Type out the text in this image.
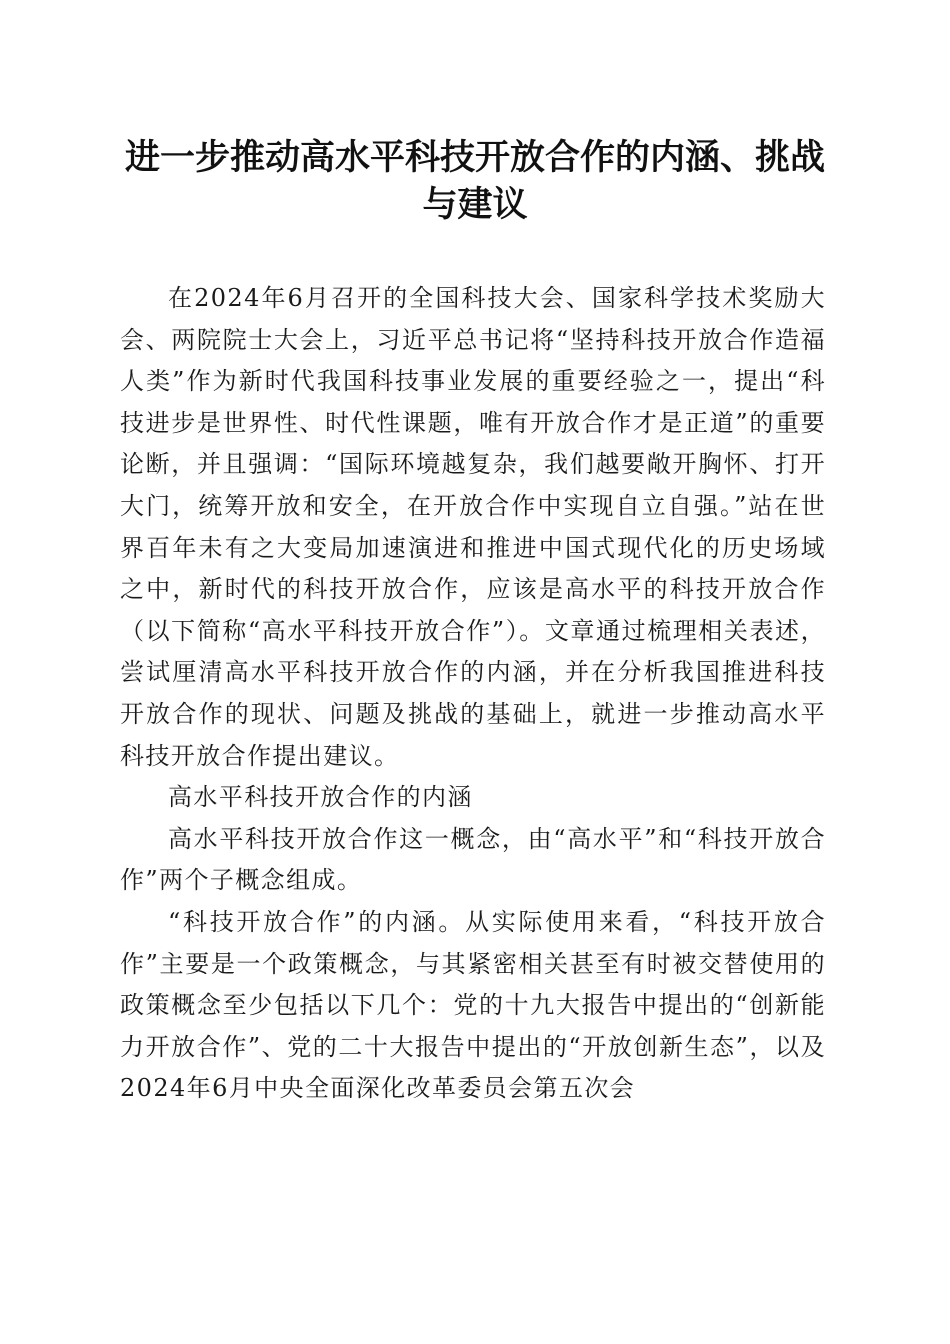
进一步推动高水平科技开放合作的内涵、挑战与建议

在2024年6月召开的全国科技大会、国家科学技术奖励大会、两院院士大会上，习近平总书记将“坚持科技开放合作造福人类”作为新时代我国科技事业发展的重要经验之一，提出“科技进步是世界性、时代性课题，唯有开放合作才是正道”的重要论断，并且强调：“国际环境越复杂，我们越要敞开胸怀、打开大门，统筹开放和安全，在开放合作中实现自立自强。”站在世界百年未有之大变局加速演进和推进中国式现代化的历史场域之中，新时代的科技开放合作，应该是高水平的科技开放合作（以下简称“高水平科技开放合作”）。文章通过梳理相关表述，尝试厘清高水平科技开放合作的内涵，并在分析我国推进科技开放合作的现状、问题及挑战的基础上，就进一步推动高水平科技开放合作提出建议。

高水平科技开放合作的内涵

高水平科技开放合作这一概念，由“高水平”和“科技开放合作”两个子概念组成。

“科技开放合作”的内涵。从实际使用来看，“科技开放合作”主要是一个政策概念，与其紧密相关甚至有时被交替使用的政策概念至少包括以下几个：党的十九大报告中提出的“创新能力开放合作”、党的二十大报告中提出的“开放创新生态”，以及2024年6月中央全面深化改革委员会第五次会
